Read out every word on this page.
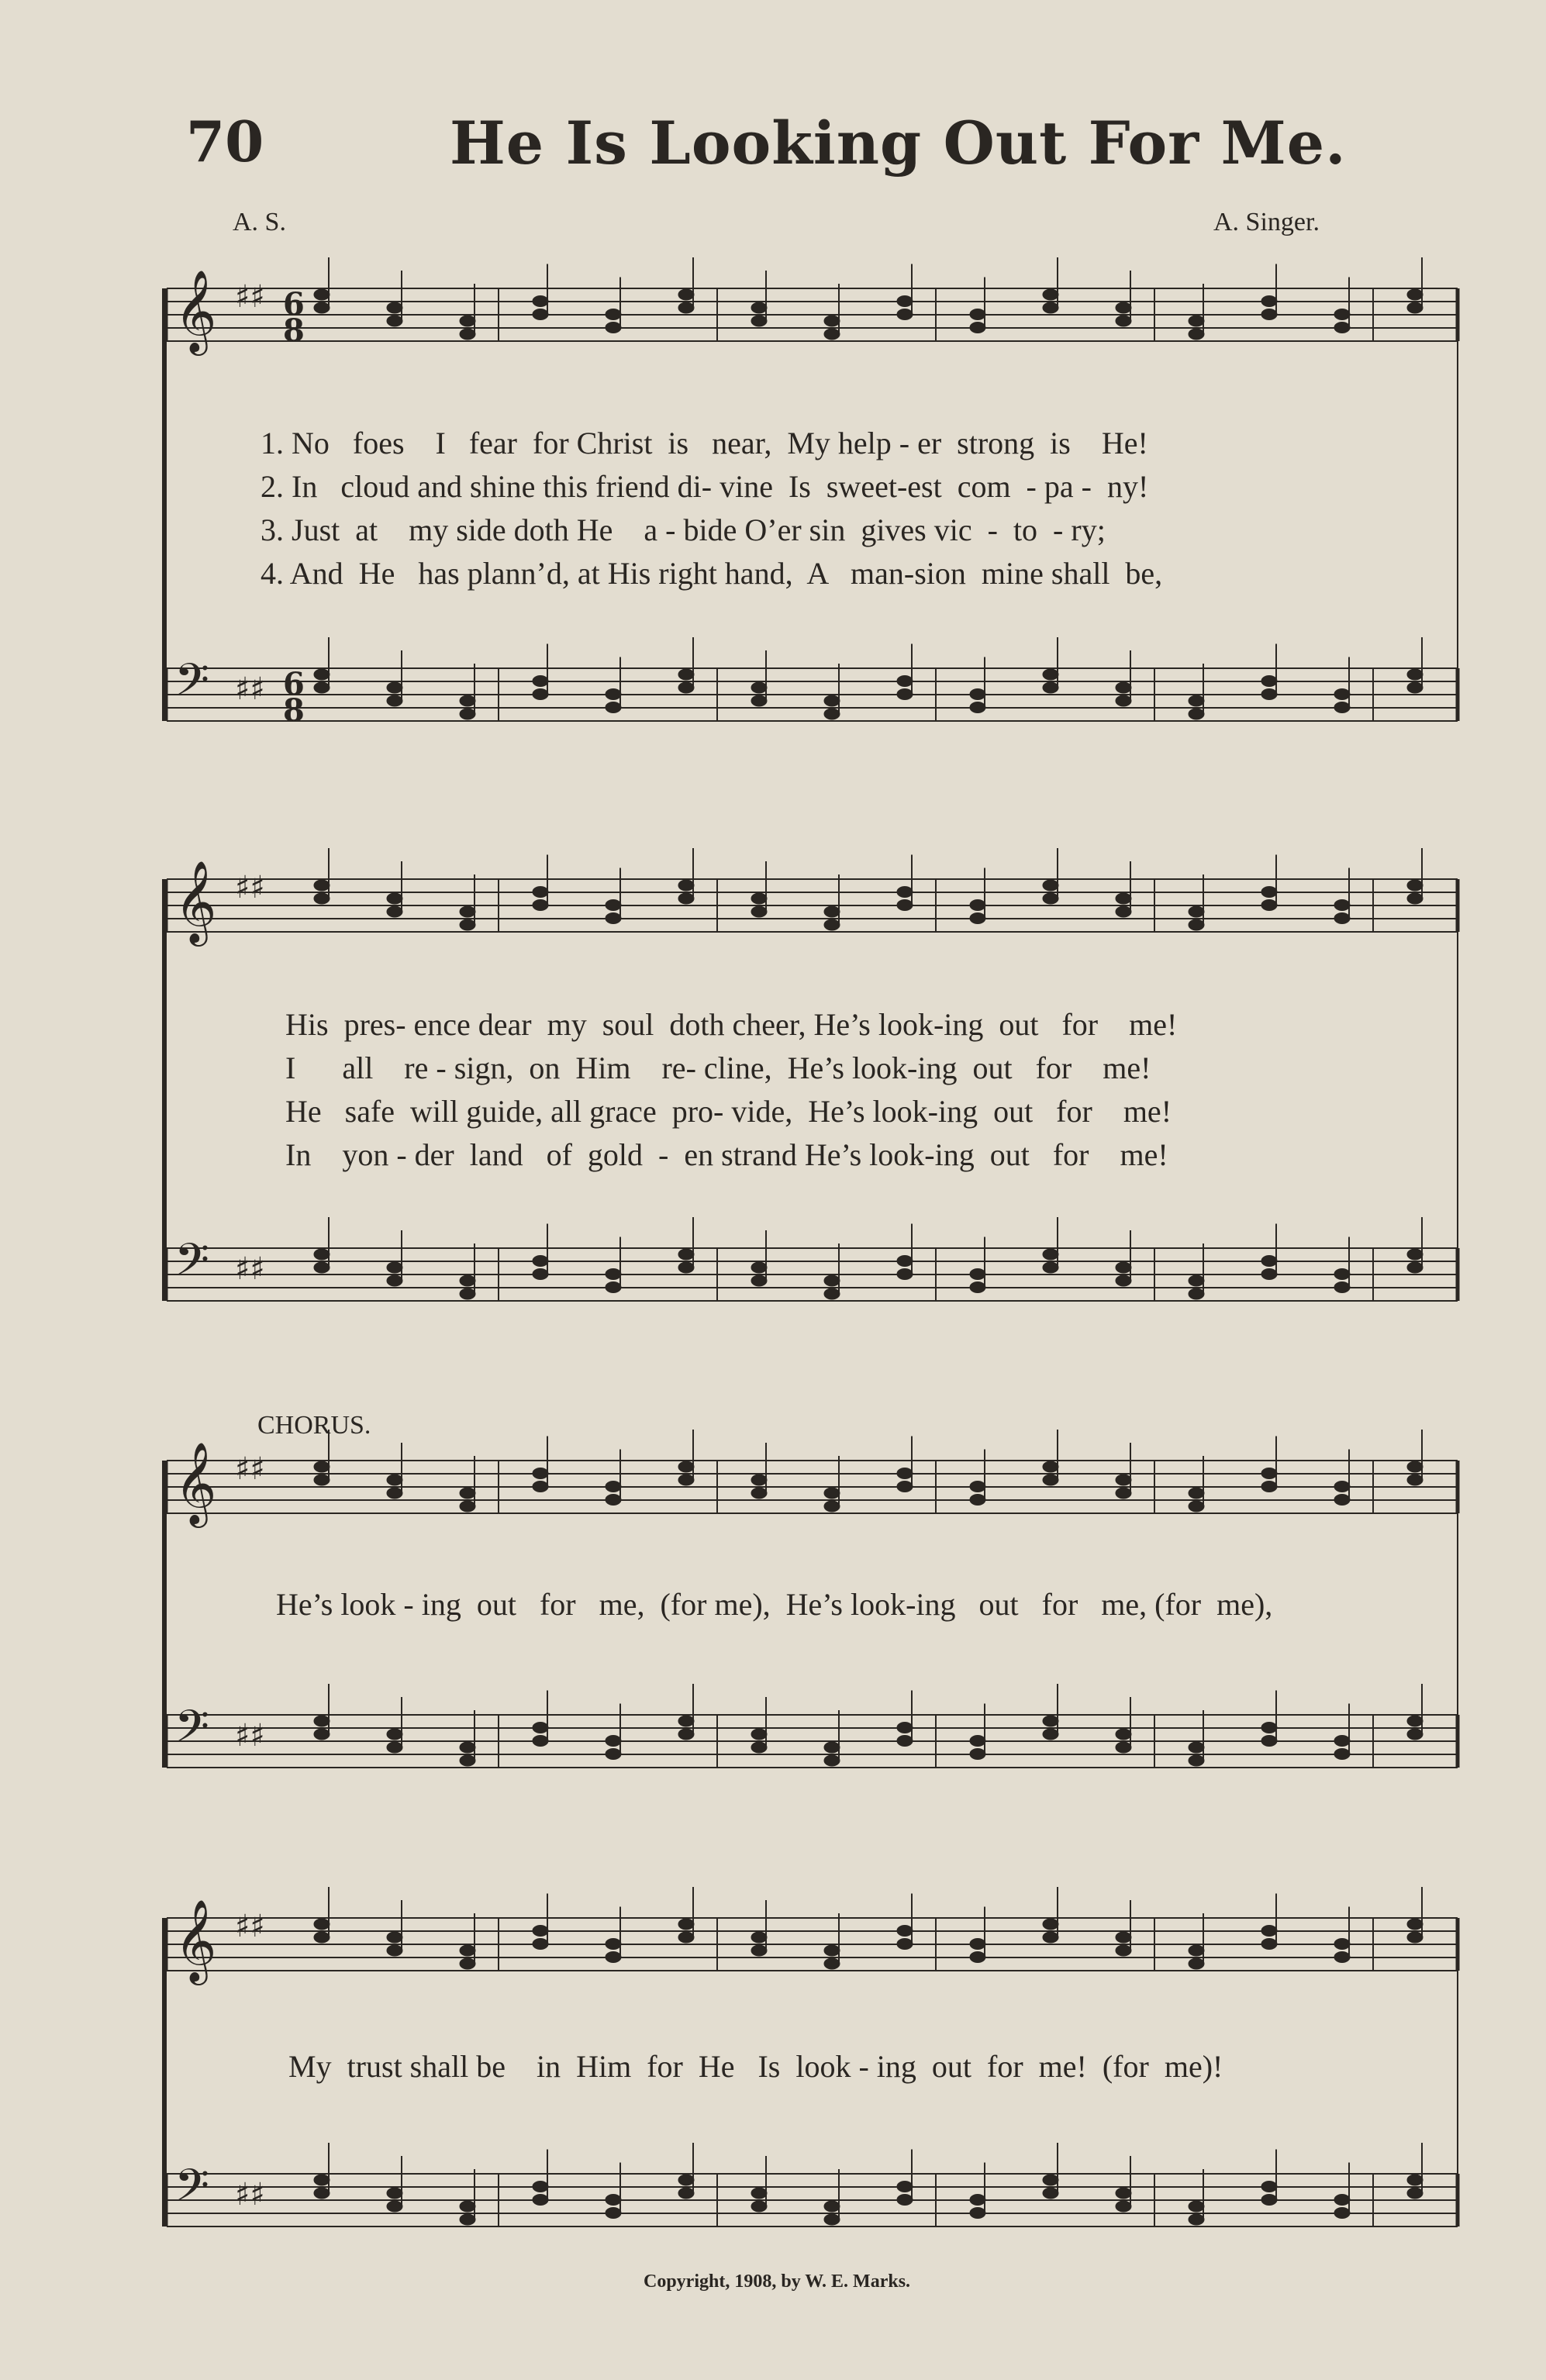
70	He Is Looking Out For Me.
A. S.	A. Singer.
𝄞 ♯♯ 6
8
𝄢 ♯♯ 6
8
𝄞 ♯♯
𝄢 ♯♯
𝄞 ♯♯
𝄢 ♯♯
𝄞 ♯♯
𝄢 ♯♯
1. No   foes    I   fear  for Christ  is   near,  My help - er  strong  is    He!
2. In   cloud and shine this friend di- vine  Is  sweet-est  com  - pa -  ny!
3. Just  at    my side doth He    a - bide O’er sin  gives vic  -  to  - ry;
4. And  He   has plann’d, at His right hand,  A   man-sion  mine shall  be,
His  pres- ence dear  my  soul  doth cheer, He’s look-ing  out   for    me!
I      all    re - sign,  on  Him    re- cline,  He’s look-ing  out   for    me!
He   safe  will guide, all grace  pro- vide,  He’s look-ing  out   for    me!
In    yon - der  land   of  gold  -  en strand He’s look-ing  out   for    me!
CHORUS.
He’s look - ing  out   for   me,  (for me),  He’s look-ing   out   for   me, (for  me),
My  trust shall be    in  Him  for  He   Is  look - ing  out  for  me!  (for  me)!
Copyright, 1908, by W. E. Marks.
